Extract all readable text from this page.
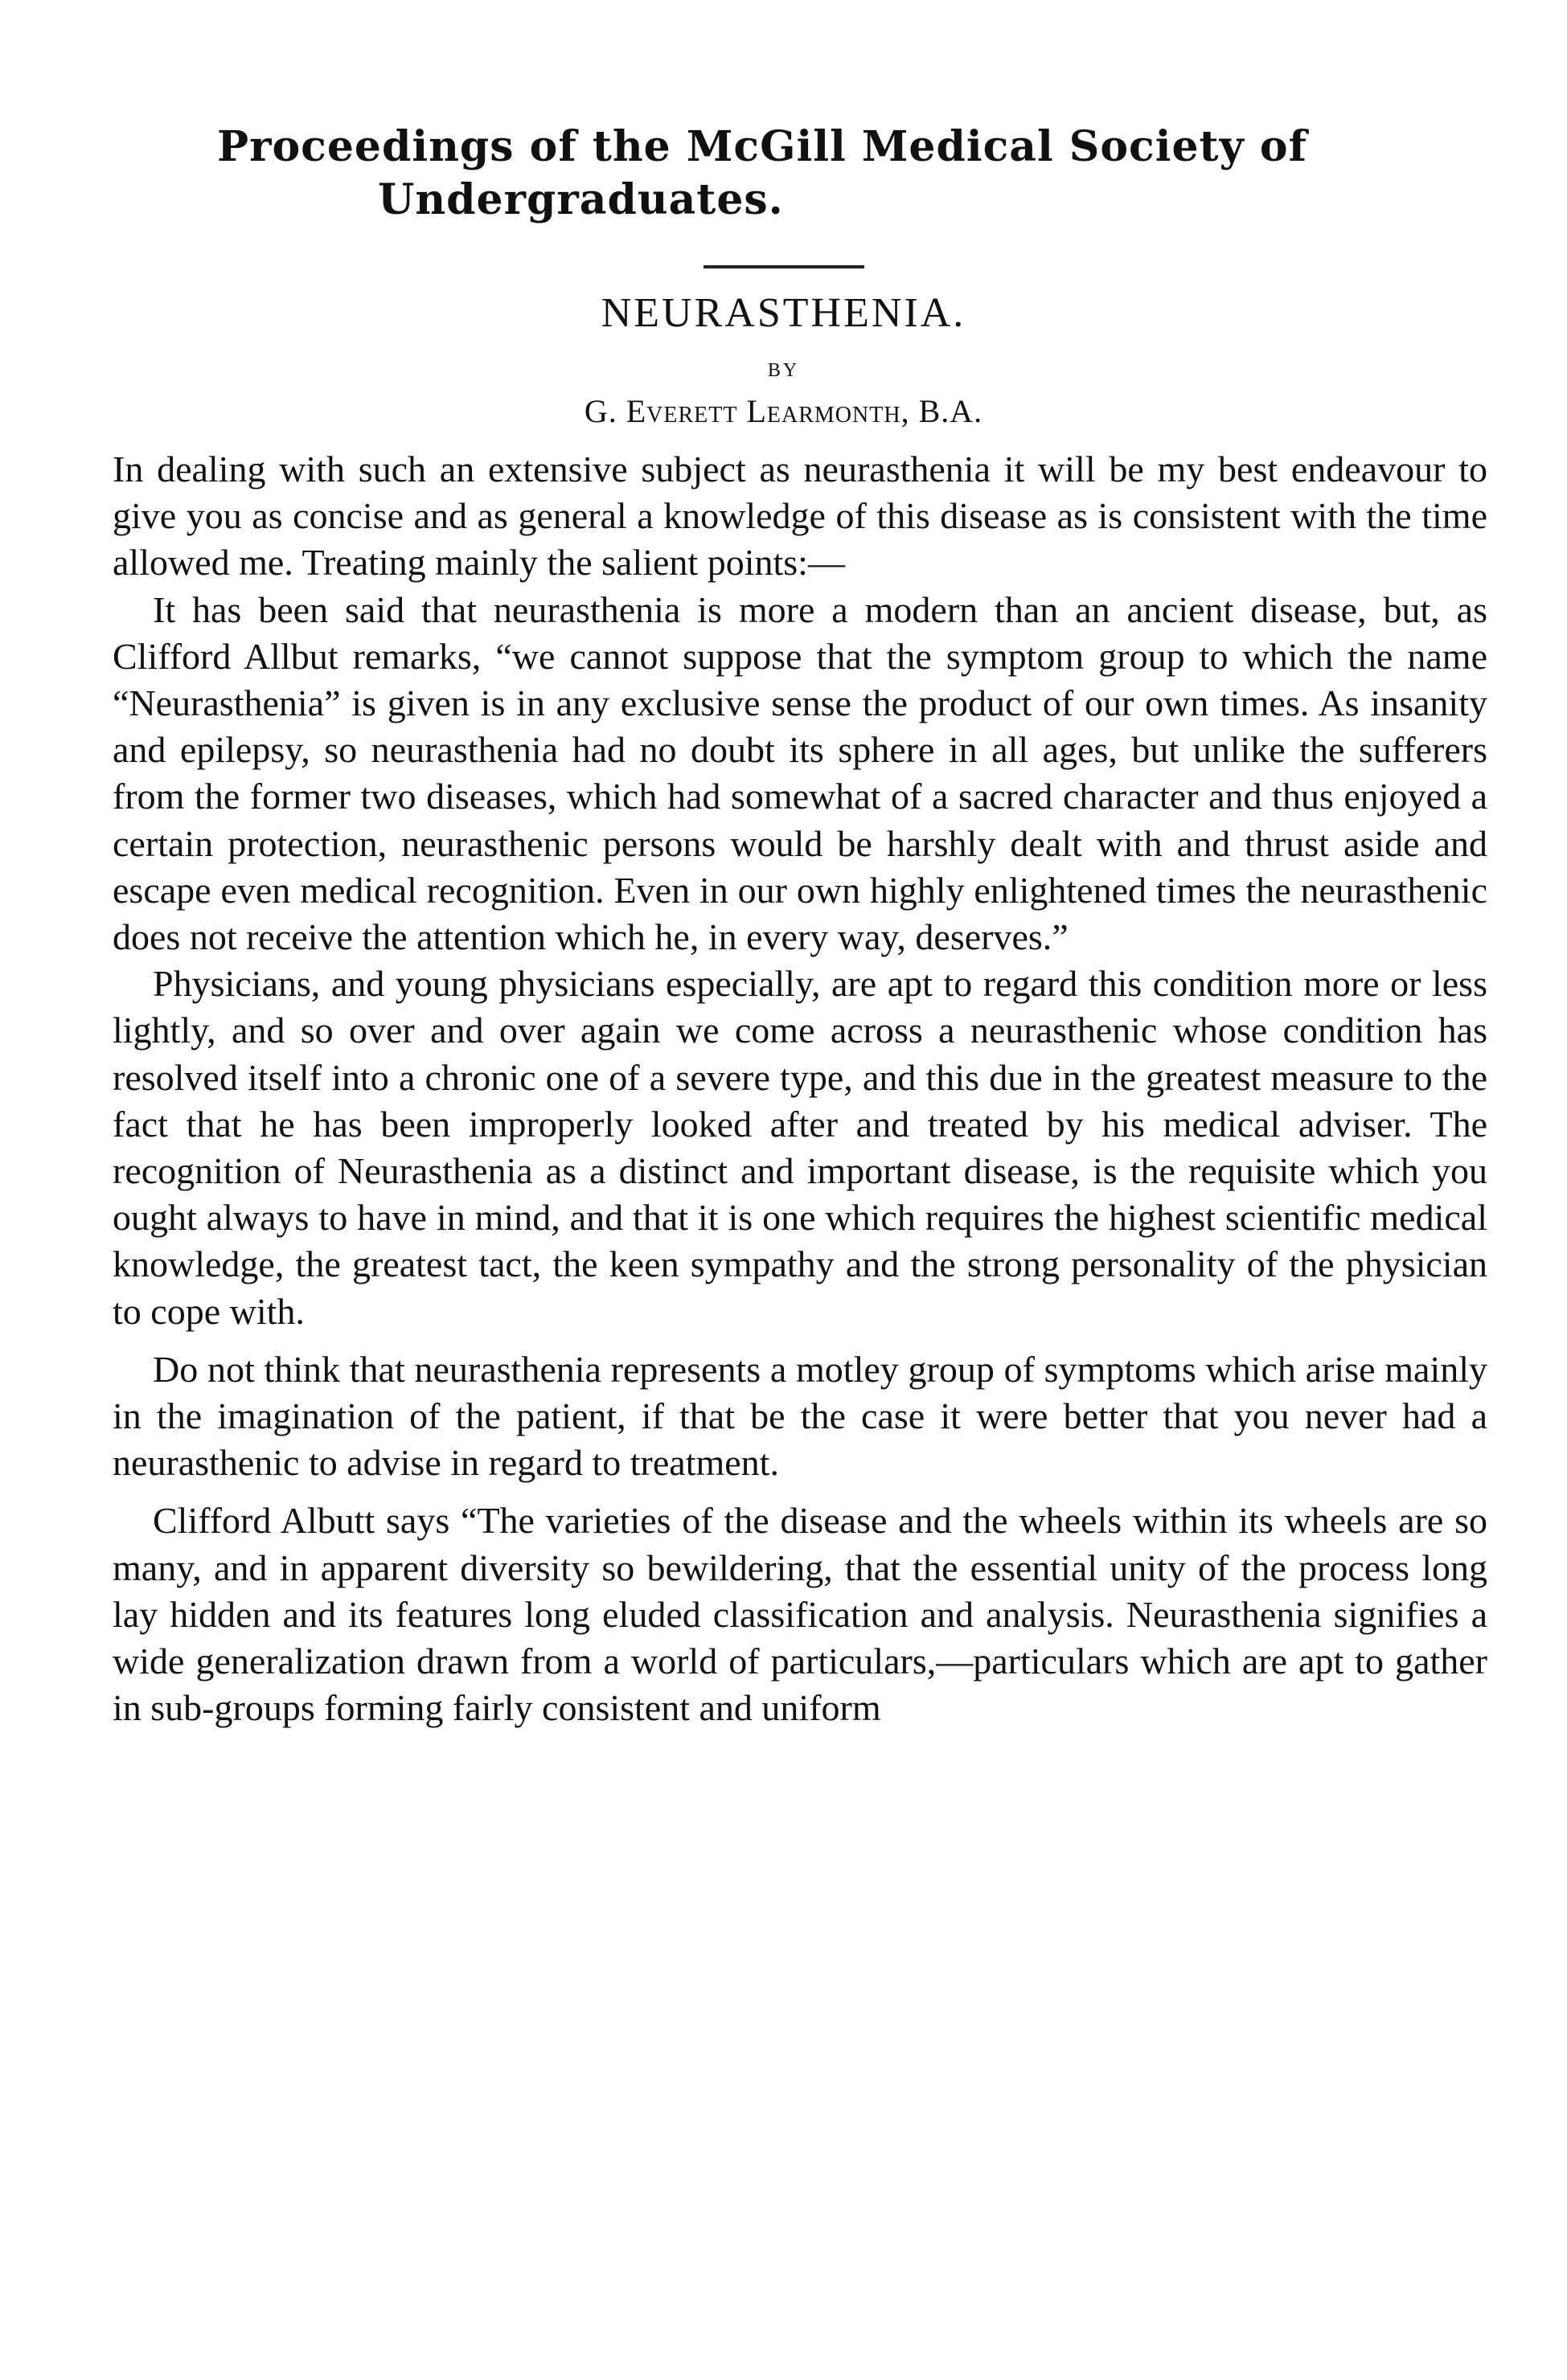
Proceedings of the McGill Medical Society of
Undergraduates.
NEURASTHENIA.
BY
G. Everett Learmonth, B.A.

In dealing with such an extensive subject as neurasthenia it will be my best endeavour to give you as concise and as general a knowledge of this disease as is consistent with the time allowed me. Treating mainly the salient points:—

It has been said that neurasthenia is more a modern than an ancient disease, but, as Clifford Allbut remarks, “we cannot suppose that the symptom group to which the name “Neurasthenia” is given is in any exclusive sense the product of our own times. As insanity and epilepsy, so neurasthenia had no doubt its sphere in all ages, but unlike the sufferers from the former two diseases, which had somewhat of a sacred character and thus enjoyed a certain protection, neurasthenic persons would be harshly dealt with and thrust aside and escape even medical recognition. Even in our own highly enlightened times the neurasthenic does not receive the attention which he, in every way, deserves.”

Physicians, and young physicians especially, are apt to regard this condition more or less lightly, and so over and over again we come across a neurasthenic whose condition has resolved itself into a chronic one of a severe type, and this due in the greatest measure to the fact that he has been improperly looked after and treated by his medical adviser. The recognition of Neurasthenia as a distinct and important disease, is the requisite which you ought always to have in mind, and that it is one which requires the highest scientific medical knowledge, the greatest tact, the keen sympathy and the strong personality of the physician to cope with.

Do not think that neurasthenia represents a motley group of symptoms which arise mainly in the imagination of the patient, if that be the case it were better that you never had a neurasthenic to advise in regard to treatment.

Clifford Albutt says “The varieties of the disease and the wheels within its wheels are so many, and in apparent diversity so bewildering, that the essential unity of the process long lay hidden and its features long eluded classification and analysis. Neurasthenia signifies a wide generalization drawn from a world of particulars,—particulars which are apt to gather in sub-groups forming fairly consistent and uniform
